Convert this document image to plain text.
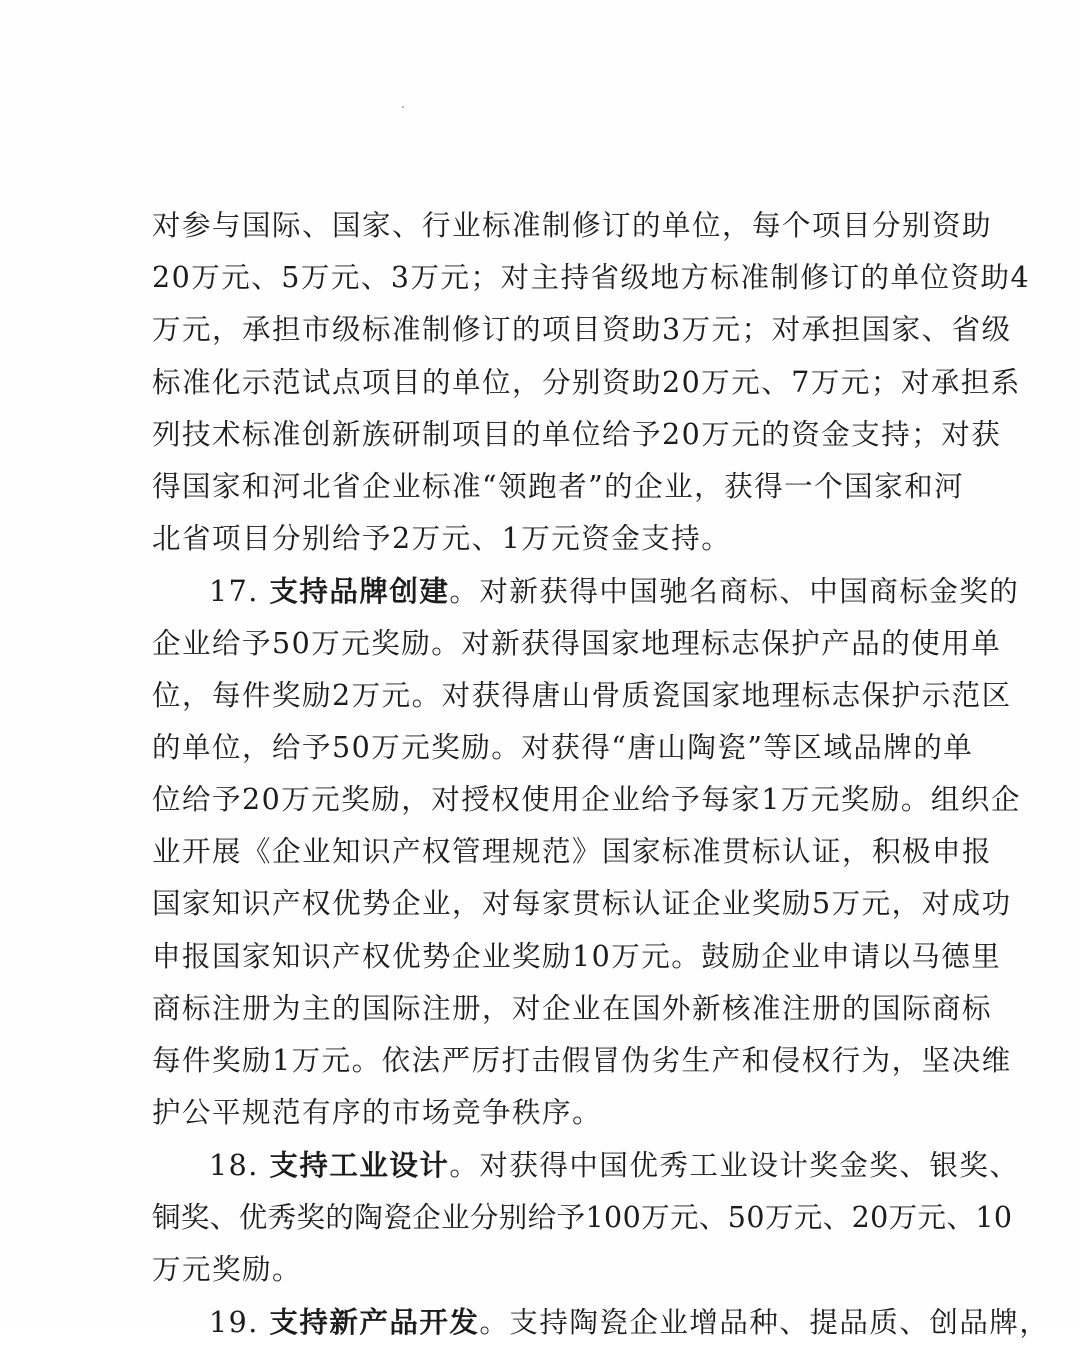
对参与国际、国家、行业标准制修订的单位，每个项目分别资助
20万元、5万元、3万元；对主持省级地方标准制修订的单位资助4
万元，承担市级标准制修订的项目资助3万元；对承担国家、省级
标准化示范试点项目的单位，分别资助20万元、7万元；对承担系
列技术标准创新族研制项目的单位给予20万元的资金支持；对获
得国家和河北省企业标准“领跑者”的企业，获得一个国家和河
北省项目分别给予2万元、1万元资金支持。
17. 支持品牌创建。对新获得中国驰名商标、中国商标金奖的
企业给予50万元奖励。对新获得国家地理标志保护产品的使用单
位，每件奖励2万元。对获得唐山骨质瓷国家地理标志保护示范区
的单位，给予50万元奖励。对获得“唐山陶瓷”等区域品牌的单
位给予20万元奖励，对授权使用企业给予每家1万元奖励。组织企
业开展《企业知识产权管理规范》国家标准贯标认证，积极申报
国家知识产权优势企业，对每家贯标认证企业奖励5万元，对成功
申报国家知识产权优势企业奖励10万元。鼓励企业申请以马德里
商标注册为主的国际注册，对企业在国外新核准注册的国际商标
每件奖励1万元。依法严厉打击假冒伪劣生产和侵权行为，坚决维
护公平规范有序的市场竞争秩序。
18. 支持工业设计。对获得中国优秀工业设计奖金奖、银奖、
铜奖、优秀奖的陶瓷企业分别给予100万元、50万元、20万元、10
万元奖励。
19. 支持新产品开发。支持陶瓷企业增品种、提品质、创品牌，
